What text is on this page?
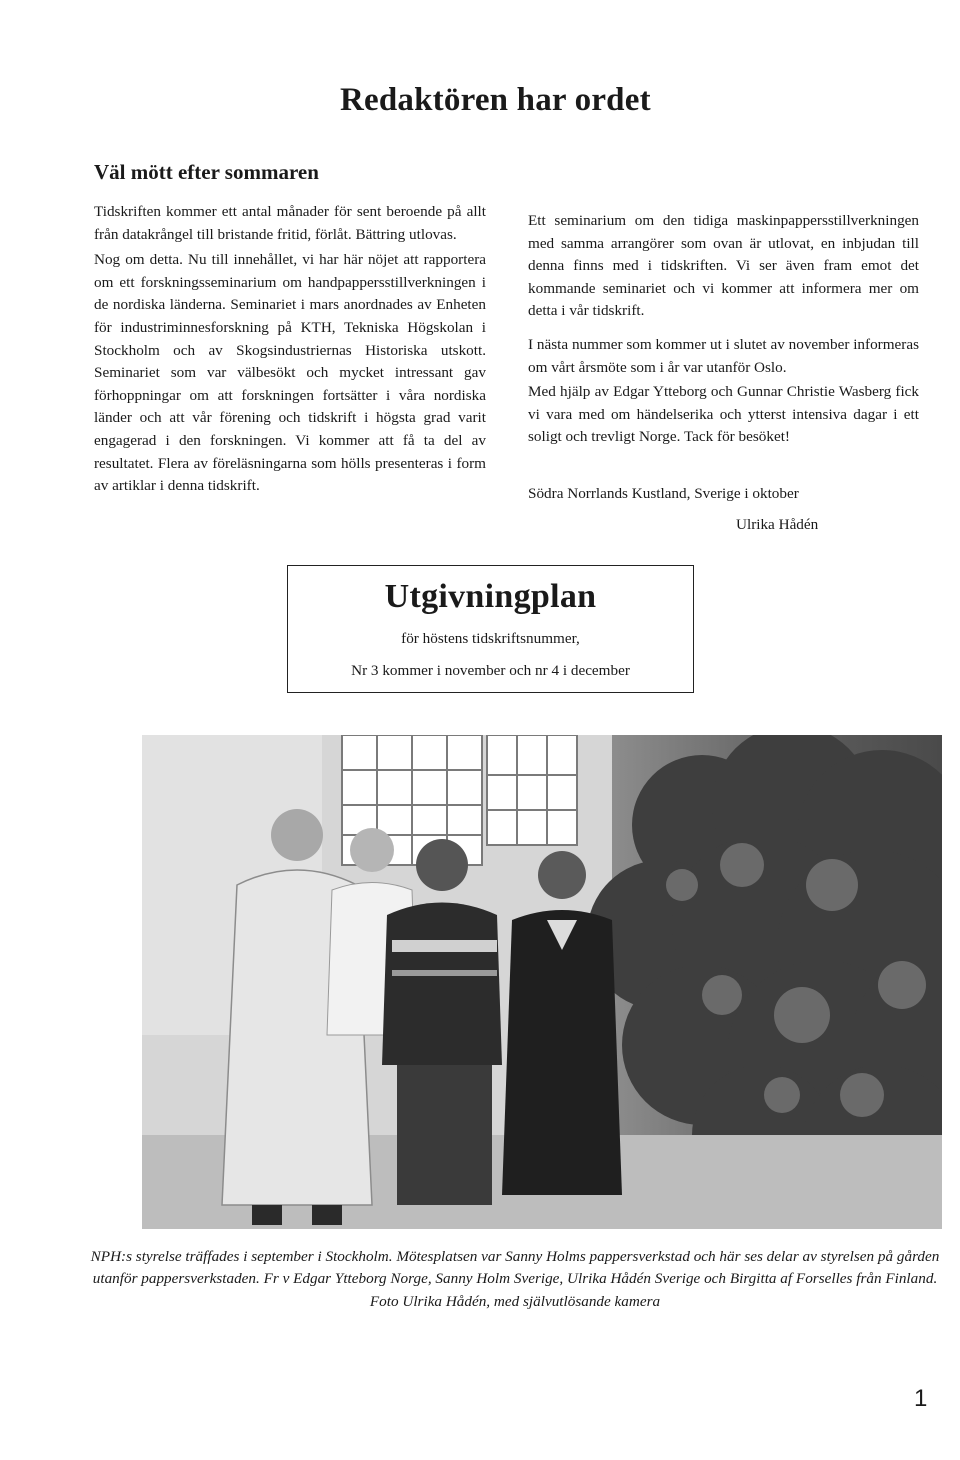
Redaktören har ordet
Väl mött efter sommaren

Tidskriften kommer ett antal månader för sent beroende på allt från datakrångel till bristande fritid, förlåt. Bättring utlovas.

Nog om detta. Nu till innehållet, vi har här nöjet att rapportera om ett forskningsseminarium om handpappersstillverkningen i de nordiska länderna. Seminariet i mars anordnades av Enheten för industriminnesforskning på KTH, Tekniska Högskolan i Stockholm och av Skogsindustriernas Historiska utskott. Seminariet som var välbesökt och mycket intressant gav förhoppningar om att forskningen fortsätter i våra nordiska länder och att vår förening och tidskrift i högsta grad varit engagerad i den forskningen. Vi kommer att få ta del av resultatet. Flera av föreläsningarna som hölls presenteras i form av artiklar i denna tidskrift.

Ett seminarium om den tidiga maskinpappersstillverkningen med samma arrangörer som ovan är utlovat, en inbjudan till denna finns med i tidskriften. Vi ser även fram emot det kommande seminariet och vi kommer att informera mer om detta i vår tidskrift.

I nästa nummer som kommer ut i slutet av november informeras om vårt årsmöte som i år var utanför Oslo.

Med hjälp av Edgar Ytteborg och Gunnar Christie Wasberg fick vi vara med om händelserika och ytterst intensiva dagar i ett soligt och trevligt Norge. Tack för besöket!

Södra Norrlands Kustland, Sverige i oktober

Ulrika Hådén

Utgivningplan
för höstens tidskriftsnummer,
Nr 3 kommer i november och nr 4 i december

NPH:s styrelse träffades i september i Stockholm. Mötesplatsen var Sanny Holms pappersverkstad och här ses delar av styrelsen på gården utanför pappersverkstaden. Fr v Edgar Ytteborg Norge, Sanny Holm Sverige, Ulrika Hådén Sverige och Birgitta af Forselles från Finland. Foto Ulrika Hådén, med självutlösande kamera

1
